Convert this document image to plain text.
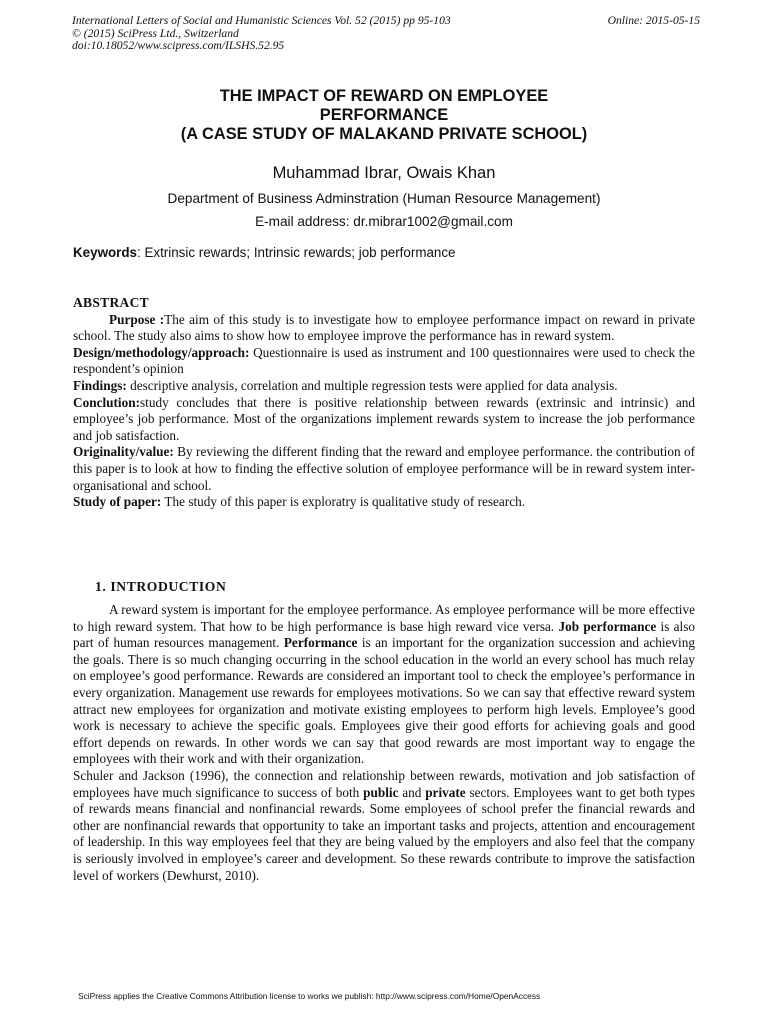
International Letters of Social and Humanistic Sciences Vol. 52 (2015) pp 95-103	Online: 2015-05-15
© (2015) SciPress Ltd., Switzerland
doi:10.18052/www.scipress.com/ILSHS.52.95
THE IMPACT OF REWARD ON EMPLOYEE
PERFORMANCE
(A CASE STUDY OF MALAKAND PRIVATE SCHOOL)
Muhammad Ibrar, Owais Khan
Department of Business Adminstration (Human Resource Management)
E-mail address: dr.mibrar1002@gmail.com
Keywords: Extrinsic rewards; Intrinsic rewards; job performance
ABSTRACT

Purpose :The aim of this study is to investigate how to employee performance impact on reward in private school. The study also aims to show how to employee improve the performance has in reward system.

Design/methodology/approach: Questionnaire is used as instrument and 100 questionnaires were used to check the respondent’s opinion

Findings: descriptive analysis, correlation and multiple regression tests were applied for data analysis.

Conclution:study concludes that there is positive relationship between rewards (extrinsic and intrinsic) and employee’s job performance. Most of the organizations implement rewards system to increase the job performance and job satisfaction.

Originality/value: By reviewing the different finding that the reward and employee performance. the contribution of this paper is to look at how to finding the effective solution of employee performance will be in reward system inter-organisational and school.

Study of paper: The study of this paper is exploratry is qualitative study of research.

1. INTRODUCTION

A reward system is important for the employee performance. As employee performance will be more effective to high reward system. That how to be high performance is base high reward vice versa. Job performance is also part of human resources management. Performance is an important for the organization succession and achieving the goals. There is so much changing occurring in the school education in the world an every school has much relay on employee’s good performance. Rewards are considered an important tool to check the employee’s performance in every organization. Management use rewards for employees motivations. So we can say that effective reward system attract new employees for organization and motivate existing employees to perform high levels. Employee’s good work is necessary to achieve the specific goals. Employees give their good efforts for achieving goals and good effort depends on rewards. In other words we can say that good rewards are most important way to engage the employees with their work and with their organization.

Schuler and Jackson (1996), the connection and relationship between rewards, motivation and job satisfaction of employees have much significance to success of both public and private sectors. Employees want to get both types of rewards means financial and nonfinancial rewards. Some employees of school prefer the financial rewards and other are nonfinancial rewards that opportunity to take an important tasks and projects, attention and encouragement of leadership. In this way employees feel that they are being valued by the employers and also feel that the company is seriously involved in employee’s career and development. So these rewards contribute to improve the satisfaction level of workers (Dewhurst, 2010).

SciPress applies the Creative Commons Attribution license to works we publish: http://www.scipress.com/Home/OpenAccess
